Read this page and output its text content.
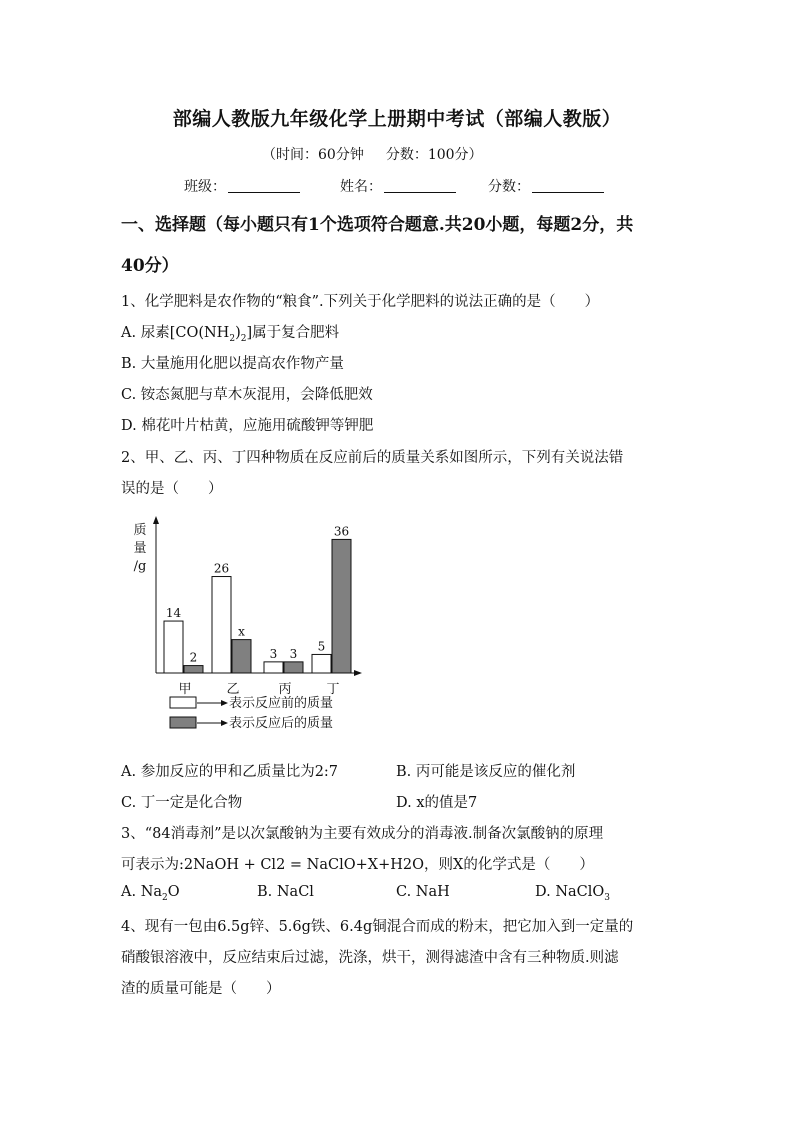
部编人教版九年级化学上册期中考试（部编人教版）
（时间：60分钟 分数：100分）
班级：	姓名：	分数：
一、选择题（每小题只有1个选项符合题意.共20小题，每题2分，共
40分）
1、化学肥料是农作物的“粮食”.下列关于化学肥料的说法正确的是（　　）
A. 尿素$[CO(NH_2)_2]$属于复合肥料
B. 大量施用化肥以提高农作物产量
C. 铵态氮肥与草木灰混用，会降低肥效
D. 棉花叶片枯黄，应施用硫酸钾等钾肥
2、甲、乙、丙、丁四种物质在反应前后的质量关系如图所示，下列有关说法错
误的是（　　）
质
量
/g
14
2
甲
26
x
乙
3 3
丙
5
36
丁
表示反应前的质量
表示反应后的质量
A. 参加反应的甲和乙质量比为2:7	B. 丙可能是该反应的催化剂
C. 丁一定是化合物	D. x的值是7
3、“84消毒剂”是以次氯酸钠为主要有效成分的消毒液.制备次氯酸钠的原理
可表示为:2NaOH + Cl2 = NaClO+X+H2O，则X的化学式是（　　）
A. $Na_2O$	B. NaCl	C. NaH	D. NaClO$_3$
4、现有一包由6.5g锌、5.6g铁、6.4g铜混合而成的粉末，把它加入到一定量的
硝酸银溶液中，反应结束后过滤，洗涤，烘干，测得滤渣中含有三种物质.则滤
渣的质量可能是（　　）
